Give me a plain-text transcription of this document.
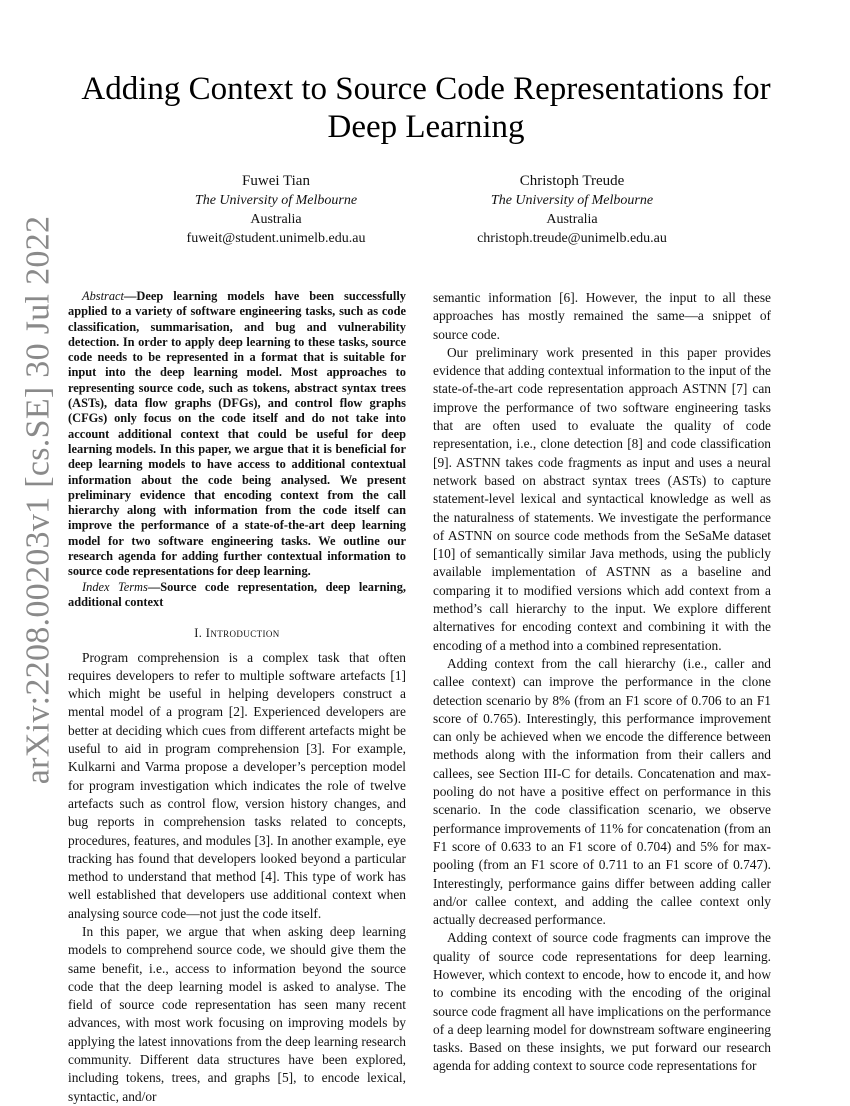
arXiv:2208.00203v1 [cs.SE] 30 Jul 2022
Adding Context to Source Code Representations for Deep Learning
Fuwei Tian
The University of Melbourne
Australia
fuweit@student.unimelb.edu.au
Christoph Treude
The University of Melbourne
Australia
christoph.treude@unimelb.edu.au

Abstract—Deep learning models have been successfully applied to a variety of software engineering tasks, such as code classification, summarisation, and bug and vulnerability detection. In order to apply deep learning to these tasks, source code needs to be represented in a format that is suitable for input into the deep learning model. Most approaches to representing source code, such as tokens, abstract syntax trees (ASTs), data flow graphs (DFGs), and control flow graphs (CFGs) only focus on the code itself and do not take into account additional context that could be useful for deep learning models. In this paper, we argue that it is beneficial for deep learning models to have access to additional contextual information about the code being analysed. We present preliminary evidence that encoding context from the call hierarchy along with information from the code itself can improve the performance of a state-of-the-art deep learning model for two software engineering tasks. We outline our research agenda for adding further contextual information to source code representations for deep learning.

Index Terms—Source code representation, deep learning, additional context

I. Introduction

Program comprehension is a complex task that often requires developers to refer to multiple software artefacts [1] which might be useful in helping developers construct a mental model of a program [2]. Experienced developers are better at deciding which cues from different artefacts might be useful to aid in program comprehension [3]. For example, Kulkarni and Varma propose a developer’s perception model for program investigation which indicates the role of twelve artefacts such as control flow, version history changes, and bug reports in comprehension tasks related to concepts, procedures, features, and modules [3]. In another example, eye tracking has found that developers looked beyond a particular method to understand that method [4]. This type of work has well established that developers use additional context when analysing source code—not just the code itself.

In this paper, we argue that when asking deep learning models to comprehend source code, we should give them the same benefit, i.e., access to information beyond the source code that the deep learning model is asked to analyse. The field of source code representation has seen many recent advances, with most work focusing on improving models by applying the latest innovations from the deep learning research community. Different data structures have been explored, including tokens, trees, and graphs [5], to encode lexical, syntactic, and/or

semantic information [6]. However, the input to all these approaches has mostly remained the same—a snippet of source code.

Our preliminary work presented in this paper provides evidence that adding contextual information to the input of the state-of-the-art code representation approach ASTNN [7] can improve the performance of two software engineering tasks that are often used to evaluate the quality of code representation, i.e., clone detection [8] and code classification [9]. ASTNN takes code fragments as input and uses a neural network based on abstract syntax trees (ASTs) to capture statement-level lexical and syntactical knowledge as well as the naturalness of statements. We investigate the performance of ASTNN on source code methods from the SeSaMe dataset [10] of semantically similar Java methods, using the publicly available implementation of ASTNN as a baseline and comparing it to modified versions which add context from a method’s call hierarchy to the input. We explore different alternatives for encoding context and combining it with the encoding of a method into a combined representation.

Adding context from the call hierarchy (i.e., caller and callee context) can improve the performance in the clone detection scenario by 8% (from an F1 score of 0.706 to an F1 score of 0.765). Interestingly, this performance improvement can only be achieved when we encode the difference between methods along with the information from their callers and callees, see Section III-C for details. Concatenation and max-pooling do not have a positive effect on performance in this scenario. In the code classification scenario, we observe performance improvements of 11% for concatenation (from an F1 score of 0.633 to an F1 score of 0.704) and 5% for max-pooling (from an F1 score of 0.711 to an F1 score of 0.747). Interestingly, performance gains differ between adding caller and/or callee context, and adding the callee context only actually decreased performance.

Adding context of source code fragments can improve the quality of source code representations for deep learning. However, which context to encode, how to encode it, and how to combine its encoding with the encoding of the original source code fragment all have implications on the performance of a deep learning model for downstream software engineering tasks. Based on these insights, we put forward our research agenda for adding context to source code representations for
